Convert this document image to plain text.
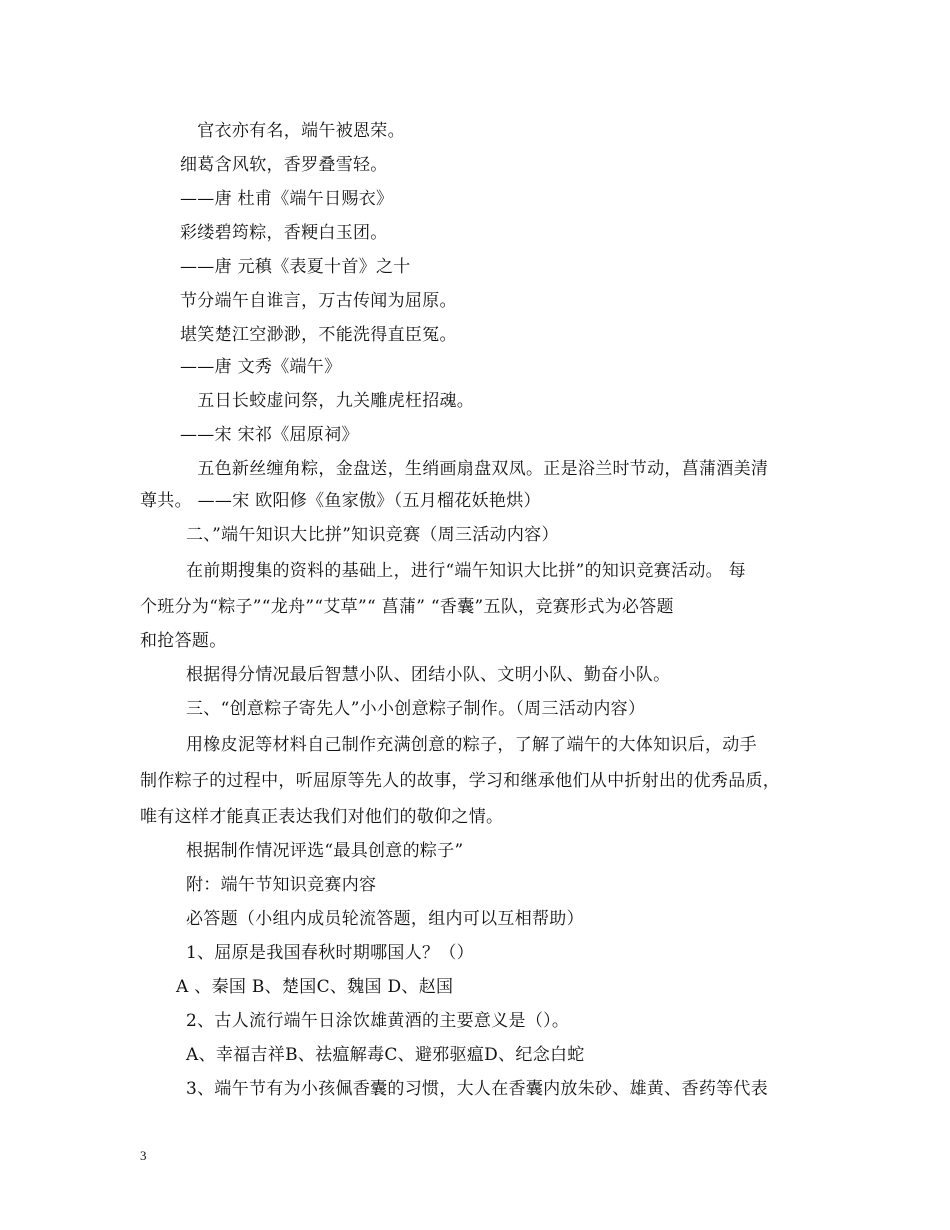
　官衣亦有名，端午被恩荣。
细葛含风软，香罗叠雪轻。
——唐 杜甫《端午日赐衣》
彩缕碧筠粽，香粳白玉团。
——唐 元稹《表夏十首》之十
节分端午自谁言，万古传闻为屈原。
堪笑楚江空渺渺，不能洗得直臣冤。
——唐 文秀《端午》
　五日长蛟虚问祭，九关雕虎枉招魂。
——宋 宋祁《屈原祠》
　五色新丝缠角粽，金盘送，生绡画扇盘双凤。正是浴兰时节动，菖蒲酒美清
尊共。 ——宋 欧阳修《鱼家傲》（五月榴花妖艳烘）
二、”端午知识大比拼”知识竞赛（周三活动内容）
在前期搜集的资料的基础上，进行“端午知识大比拼”的知识竞赛活动。 每
个班分为“粽子”“龙舟”“艾草”“ 菖蒲” “香囊”五队，竞赛形式为必答题
和抢答题。
根据得分情况最后智慧小队、团结小队、文明小队、勤奋小队。
三、“创意粽子寄先人”小小创意粽子制作。（周三活动内容）
用橡皮泥等材料自己制作充满创意的粽子，了解了端午的大体知识后，动手
制作粽子的过程中，听屈原等先人的故事，学习和继承他们从中折射出的优秀品质，
唯有这样才能真正表达我们对他们的敬仰之情。
根据制作情况评选“最具创意的粽子”
附：端午节知识竞赛内容
必答题（小组内成员轮流答题，组内可以互相帮助）
1、屈原是我国春秋时期哪国人？（）
A 、秦国 B、楚国C、魏国 D、赵国
2、古人流行端午日涂饮雄黄酒的主要意义是（）。
A、幸福吉祥B、祛瘟解毒C、避邪驱瘟D、纪念白蛇
3、端午节有为小孩佩香囊的习惯，大人在香囊内放朱砂、雄黄、香药等代表
3
